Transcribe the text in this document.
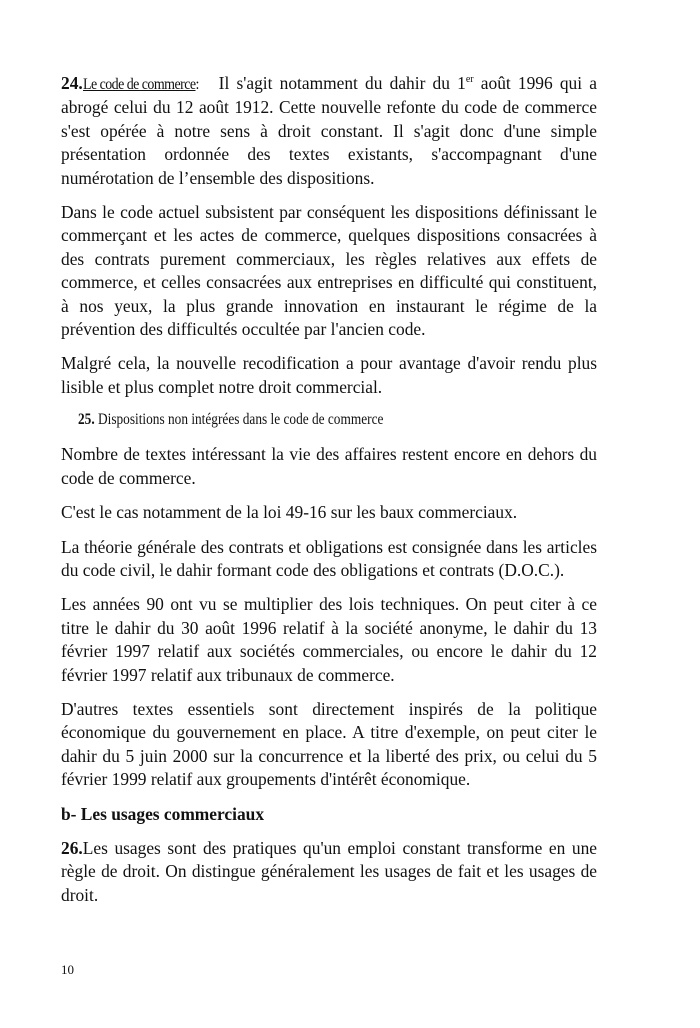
24.Le code de commerce: Il s'agit notamment du dahir du 1er août 1996 qui a abrogé celui du 12 août 1912. Cette nouvelle refonte du code de commerce s'est opérée à notre sens à droit constant. Il s'agit donc d'une simple présentation ordonnée des textes existants, s'accompagnant d'une numérotation de l’ensemble des dispositions.

Dans le code actuel subsistent par conséquent les dispositions définissant le commerçant et les actes de commerce, quelques dispositions consacrées à des contrats purement commerciaux, les règles relatives aux effets de commerce, et celles consacrées aux entreprises en difficulté qui constituent, à nos yeux, la plus grande innovation en instaurant le régime de la prévention des difficultés occultée par l'ancien code.

Malgré cela, la nouvelle recodification a pour avantage d'avoir rendu plus lisible et plus complet notre droit commercial.

25. Dispositions non intégrées dans le code de commerce

Nombre de textes intéressant la vie des affaires restent encore en dehors du code de commerce.

C'est le cas notamment de la loi 49-16 sur les baux commerciaux.

La théorie générale des contrats et obligations est consignée dans les articles du code civil, le dahir formant code des obligations et contrats (D.O.C.).

Les années 90 ont vu se multiplier des lois techniques. On peut citer à ce titre le dahir du 30 août 1996 relatif à la société anonyme, le dahir du 13 février 1997 relatif aux sociétés commerciales, ou encore le dahir du 12 février 1997 relatif aux tribunaux de commerce.

D'autres textes essentiels sont directement inspirés de la politique économique du gouvernement en place. A titre d'exemple, on peut citer le dahir du 5 juin 2000 sur la concurrence et la liberté des prix, ou celui du 5 février 1999 relatif aux groupements d'intérêt économique.

b- Les usages commerciaux

26.Les usages sont des pratiques qu'un emploi constant transforme en une règle de droit. On distingue généralement les usages de fait et les usages de droit.

10
